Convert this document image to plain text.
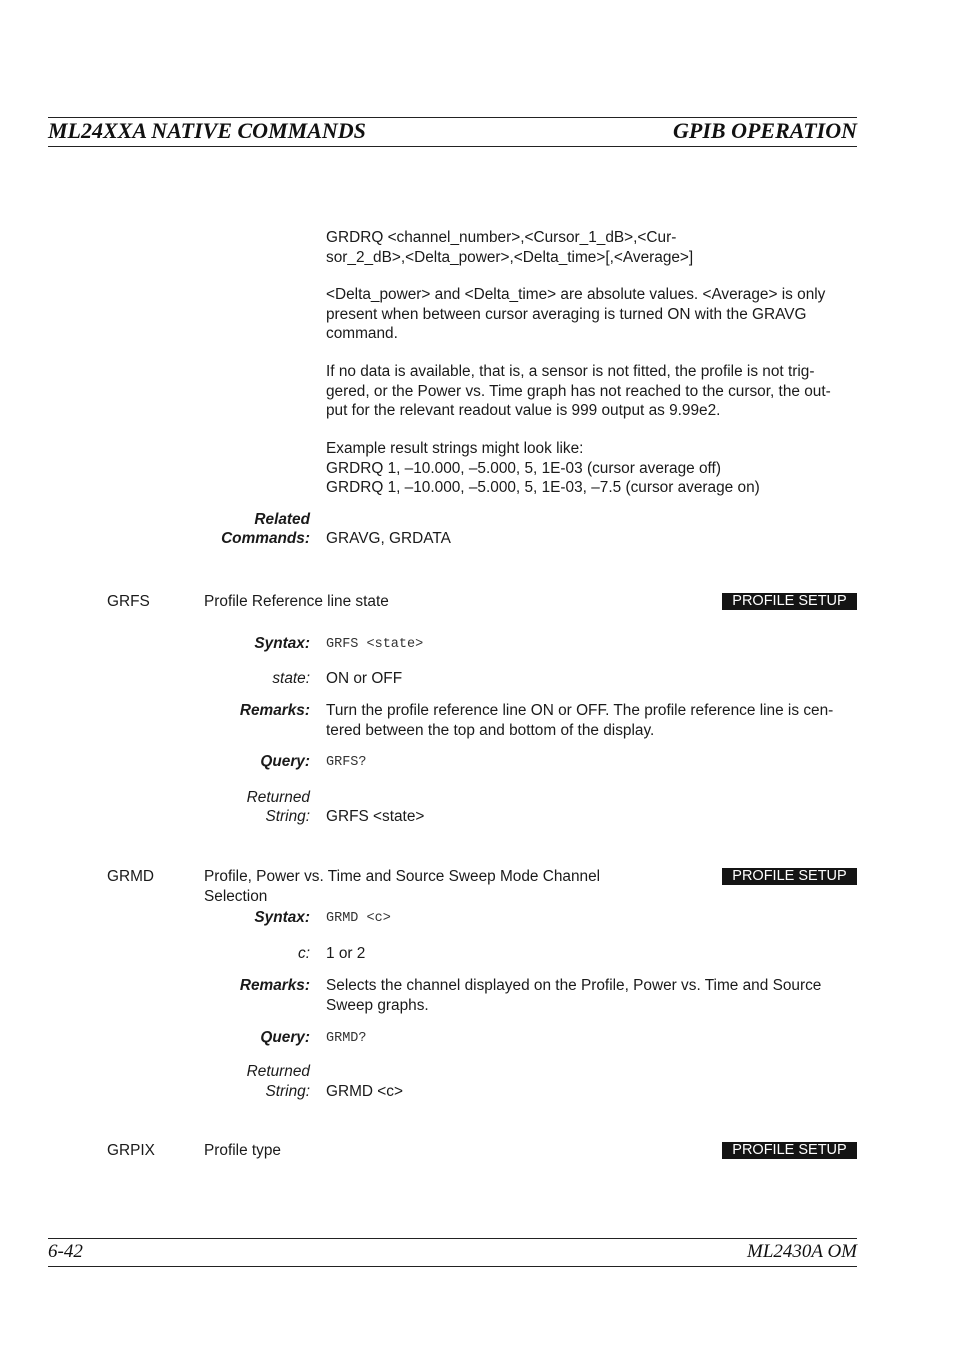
ML24XXA NATIVE COMMANDS	GPIB OPERATION
GRDRQ <channel_number>,<Cursor_1_dB>,<Cur-
sor_2_dB>,<Delta_power>,<Delta_time>[,<Average>]
<Delta_power> and <Delta_time> are absolute values. <Average> is only
present when between cursor averaging is turned ON with the GRAVG
command.
If no data is available, that is, a sensor is not fitted, the profile is not trig-
gered, or the Power vs. Time graph has not reached to the cursor, the out-
put for the relevant readout value is 999 output as 9.99e2.
Example result strings might look like:
GRDRQ 1, –10.000, –5.000, 5, 1E-03 (cursor average off)
GRDRQ 1, –10.000, –5.000, 5, 1E-03, –7.5 (cursor average on)
Related
Commands: GRAVG, GRDATA
GRFS	Profile Reference line state	PROFILE SETUP
Syntax: GRFS <state>
state: ON or OFF
Remarks: Turn the profile reference line ON or OFF. The profile reference line is cen-
tered between the top and bottom of the display.
Query: GRFS?
Returned
String: GRFS <state>
GRMD	Profile, Power vs. Time and Source Sweep Mode Channel
Selection
PROFILE SETUP
Syntax: GRMD <c>
c: 1 or 2
Remarks: Selects the channel displayed on the Profile, Power vs. Time and Source
Sweep graphs.
Query: GRMD?
Returned
String: GRMD <c>
GRPIX	Profile type	PROFILE SETUP
6-42	ML2430A OM
